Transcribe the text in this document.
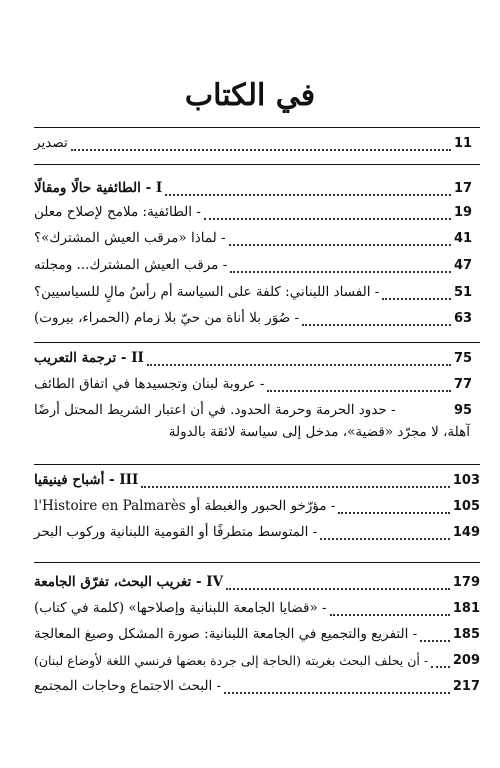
في الكتاب
تصدير	11
I - الطائفية حالًا ومقالًا	17
- الطائفية: ملامح لإصلاح معلن	19
- لماذا «مرقب العيش المشترك»؟	41
- مرقب العيش المشترك... ومجلته	47
- الفساد اللبناني: كلفة على السياسة أم رأسُ مالٍ للسياسيين؟	51
- صُوَر بلا أناة من حيّ بلا زمام (الحمراء، بيروت)	63
II - ترجمة التعريب	75
- عروبة لبنان وتجسيدها في اتفاق الطائف	77
- حدود الحرمة وحرمة الحدود. في أن اعتبار الشريط المحتل أرضًا	95
آهلة، لا مجرّد «قضية»، مدخل إلى سياسة لائقة بالدولة
III - أشباح فينيقيا	103
- مؤرّخو الحبور والغبطة أو l'Histoire en Palmarès	105
- المتوسط متطرفًا أو القومية اللبنانية وركوب البحر	149
IV - تغريب البحث، تفرّق الجامعة	179
- «قضايا الجامعة اللبنانية وإصلاحها» (كلمة في كتاب)	181
- التفريع والتجميع في الجامعة اللبنانية: صورة المشكل وصيغ المعالجة	185
- أن يحلف البحث بغربته (الحاجة إلى جردة بعضها فرنسي اللغة لأوضاع لبنان) 209
- البحث الاجتماع وحاجات المجتمع	217
